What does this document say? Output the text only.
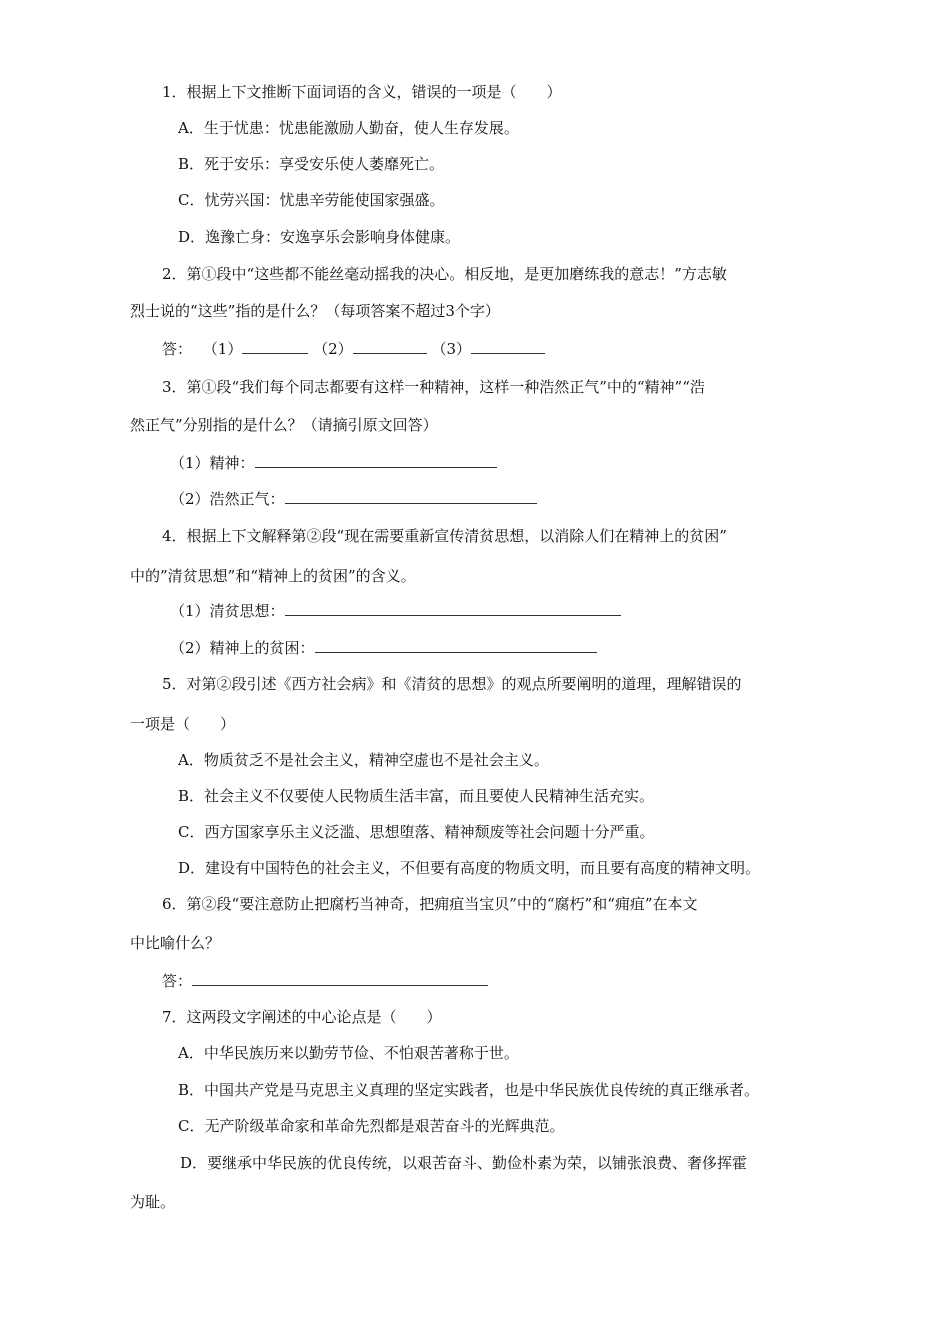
1．根据上下文推断下面词语的含义，错误的一项是（　　）
A．生于忧患：忧患能激励人勤奋，使人生存发展。
B．死于安乐：享受安乐使人萎靡死亡。
C．忧劳兴国：忧患辛劳能使国家强盛。
D．逸豫亡身：安逸享乐会影响身体健康。
2．第①段中“这些都不能丝毫动摇我的决心。相反地，是更加磨练我的意志！”方志敏
烈士说的“这些”指的是什么？（每项答案不超过3个字）
答： （1）	（2）	（3）
3．第①段“我们每个同志都要有这样一种精神，这样一种浩然正气”中的“精神”“浩
然正气”分别指的是什么？（请摘引原文回答）
（1）精神：
（2）浩然正气：
4．根据上下文解释第②段“现在需要重新宣传清贫思想，以消除人们在精神上的贫困”
中的”清贫思想”和“精神上的贫困”的含义。
（1）清贫思想：
（2）精神上的贫困：
5．对第②段引述《西方社会病》和《清贫的思想》的观点所要阐明的道理，理解错误的
一项是（　　）
A．物质贫乏不是社会主义，精神空虚也不是社会主义。
B．社会主义不仅要使人民物质生活丰富，而且要使人民精神生活充实。
C．西方国家享乐主义泛滥、思想堕落、精神颓废等社会问题十分严重。
D．建设有中国特色的社会主义，不但要有高度的物质文明，而且要有高度的精神文明。
6．第②段“要注意防止把腐朽当神奇，把痈疽当宝贝”中的“腐朽”和“痈疽”在本文
中比喻什么？
答：
7．这两段文字阐述的中心论点是（　　）
A．中华民族历来以勤劳节俭、不怕艰苦著称于世。
B．中国共产党是马克思主义真理的坚定实践者，也是中华民族优良传统的真正继承者。
C．无产阶级革命家和革命先烈都是艰苦奋斗的光辉典范。
D．要继承中华民族的优良传统，以艰苦奋斗、勤俭朴素为荣，以铺张浪费、奢侈挥霍
为耻。
